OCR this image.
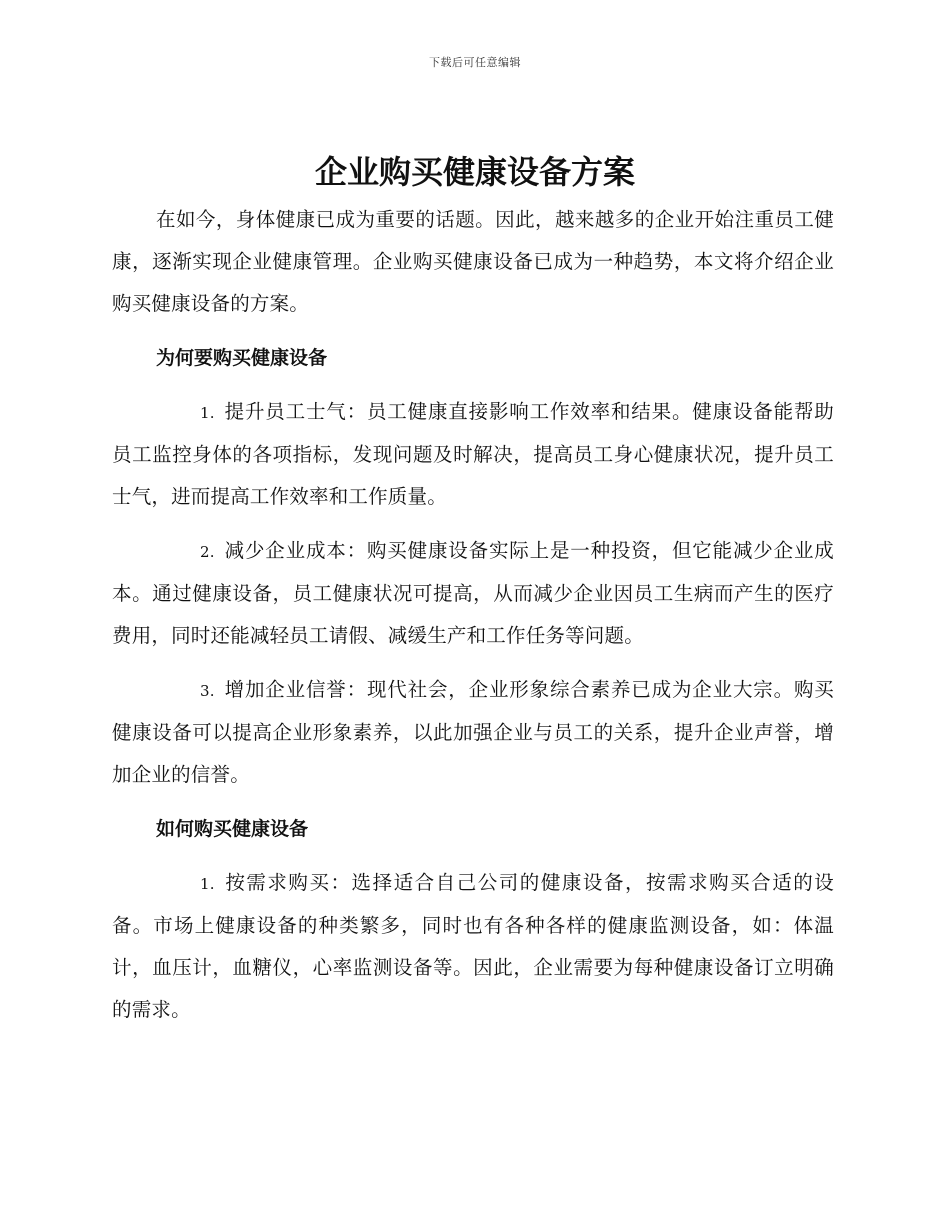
下载后可任意编辑
企业购买健康设备方案

在如今，身体健康已成为重要的话题。因此，越来越多的企业开始注重员工健康，逐渐实现企业健康管理。企业购买健康设备已成为一种趋势，本文将介绍企业购买健康设备的方案。

为何要购买健康设备

1. 提升员工士气：员工健康直接影响工作效率和结果。健康设备能帮助员工监控身体的各项指标，发现问题及时解决，提高员工身心健康状况，提升员工士气，进而提高工作效率和工作质量。

2. 减少企业成本：购买健康设备实际上是一种投资，但它能减少企业成本。通过健康设备，员工健康状况可提高，从而减少企业因员工生病而产生的医疗费用，同时还能减轻员工请假、减缓生产和工作任务等问题。

3. 增加企业信誉：现代社会，企业形象综合素养已成为企业大宗。购买健康设备可以提高企业形象素养，以此加强企业与员工的关系，提升企业声誉，增加企业的信誉。

如何购买健康设备

1. 按需求购买：选择适合自己公司的健康设备，按需求购买合适的设备。市场上健康设备的种类繁多，同时也有各种各样的健康监测设备，如：体温计，血压计，血糖仪，心率监测设备等。因此，企业需要为每种健康设备订立明确的需求。
